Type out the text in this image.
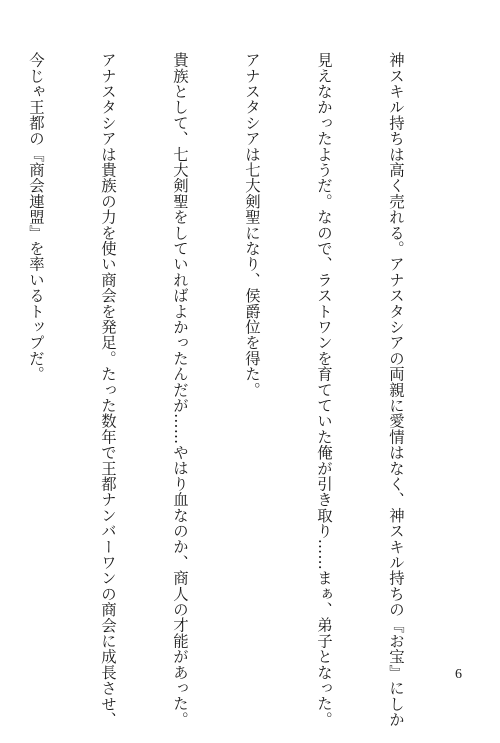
神スキル持ちは高く売れる。アナスタシアの両親に愛情はなく、神スキル持ちの『お宝』にしか

見えなかったようだ。なので、ラストワンを育てていた俺が引き取り……まぁ、弟子となった。

アナスタシアは七大剣聖になり、侯爵位を得た。

貴族として、七大剣聖をしていればよかったんだが……やはり血なのか、商人の才能があった。

アナスタシアは貴族の力を使い商会を発足。たった数年で王都ナンバーワンの商会に成長させ、

今じゃ王都の『商会連盟』を率いるトップだ。

6
